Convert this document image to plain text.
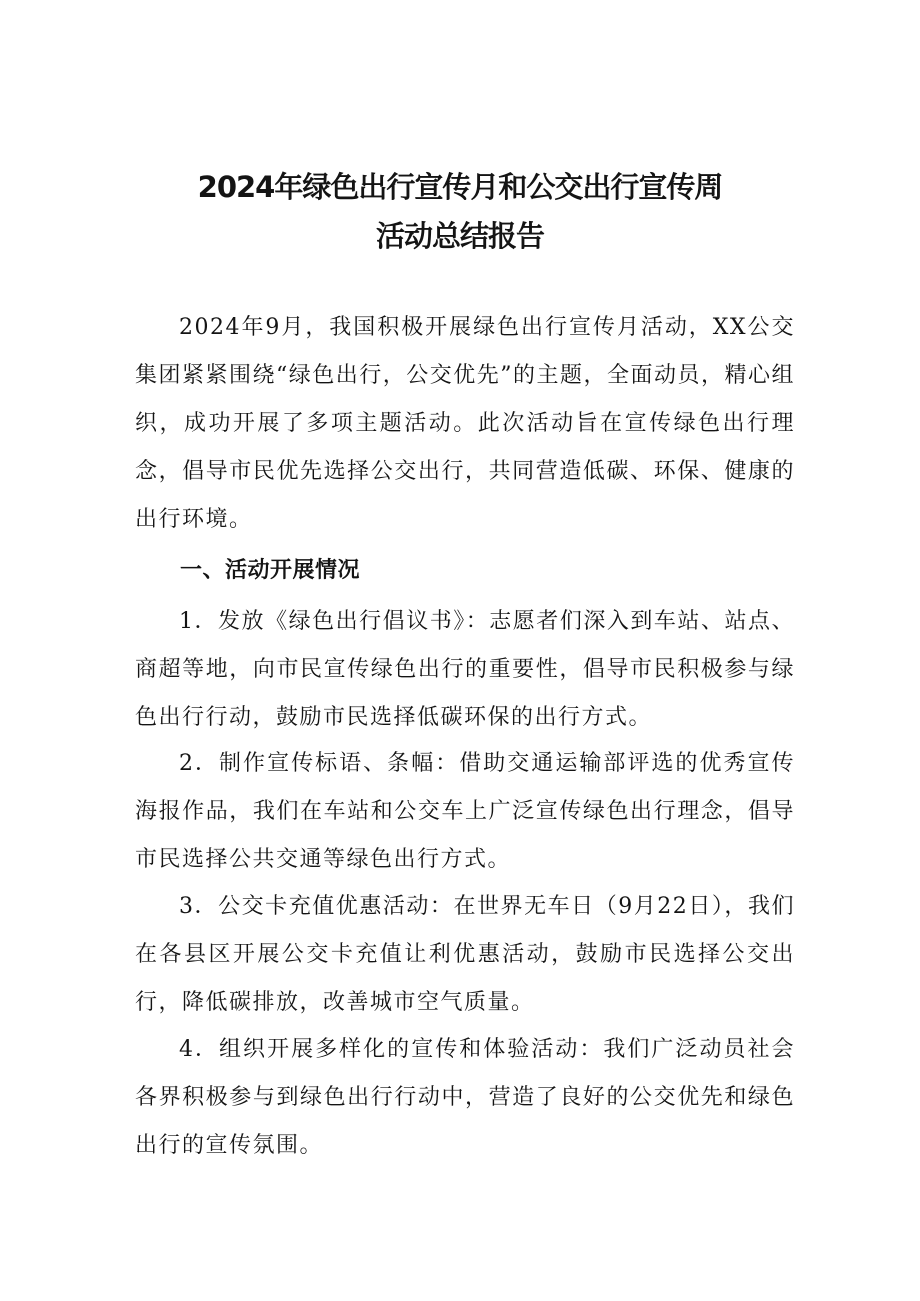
2024年绿色出行宣传月和公交出行宣传周
活动总结报告

2024年9月，我国积极开展绿色出行宣传月活动，XX公交集团紧紧围绕“绿色出行，公交优先”的主题，全面动员，精心组织，成功开展了多项主题活动。此次活动旨在宣传绿色出行理念，倡导市民优先选择公交出行，共同营造低碳、环保、健康的出行环境。

一、活动开展情况

1．发放《绿色出行倡议书》：志愿者们深入到车站、站点、商超等地，向市民宣传绿色出行的重要性，倡导市民积极参与绿色出行行动，鼓励市民选择低碳环保的出行方式。

2．制作宣传标语、条幅：借助交通运输部评选的优秀宣传海报作品，我们在车站和公交车上广泛宣传绿色出行理念，倡导市民选择公共交通等绿色出行方式。

3．公交卡充值优惠活动：在世界无车日（9月22日），我们在各县区开展公交卡充值让利优惠活动，鼓励市民选择公交出行，降低碳排放，改善城市空气质量。

4．组织开展多样化的宣传和体验活动：我们广泛动员社会各界积极参与到绿色出行行动中，营造了良好的公交优先和绿色出行的宣传氛围。
